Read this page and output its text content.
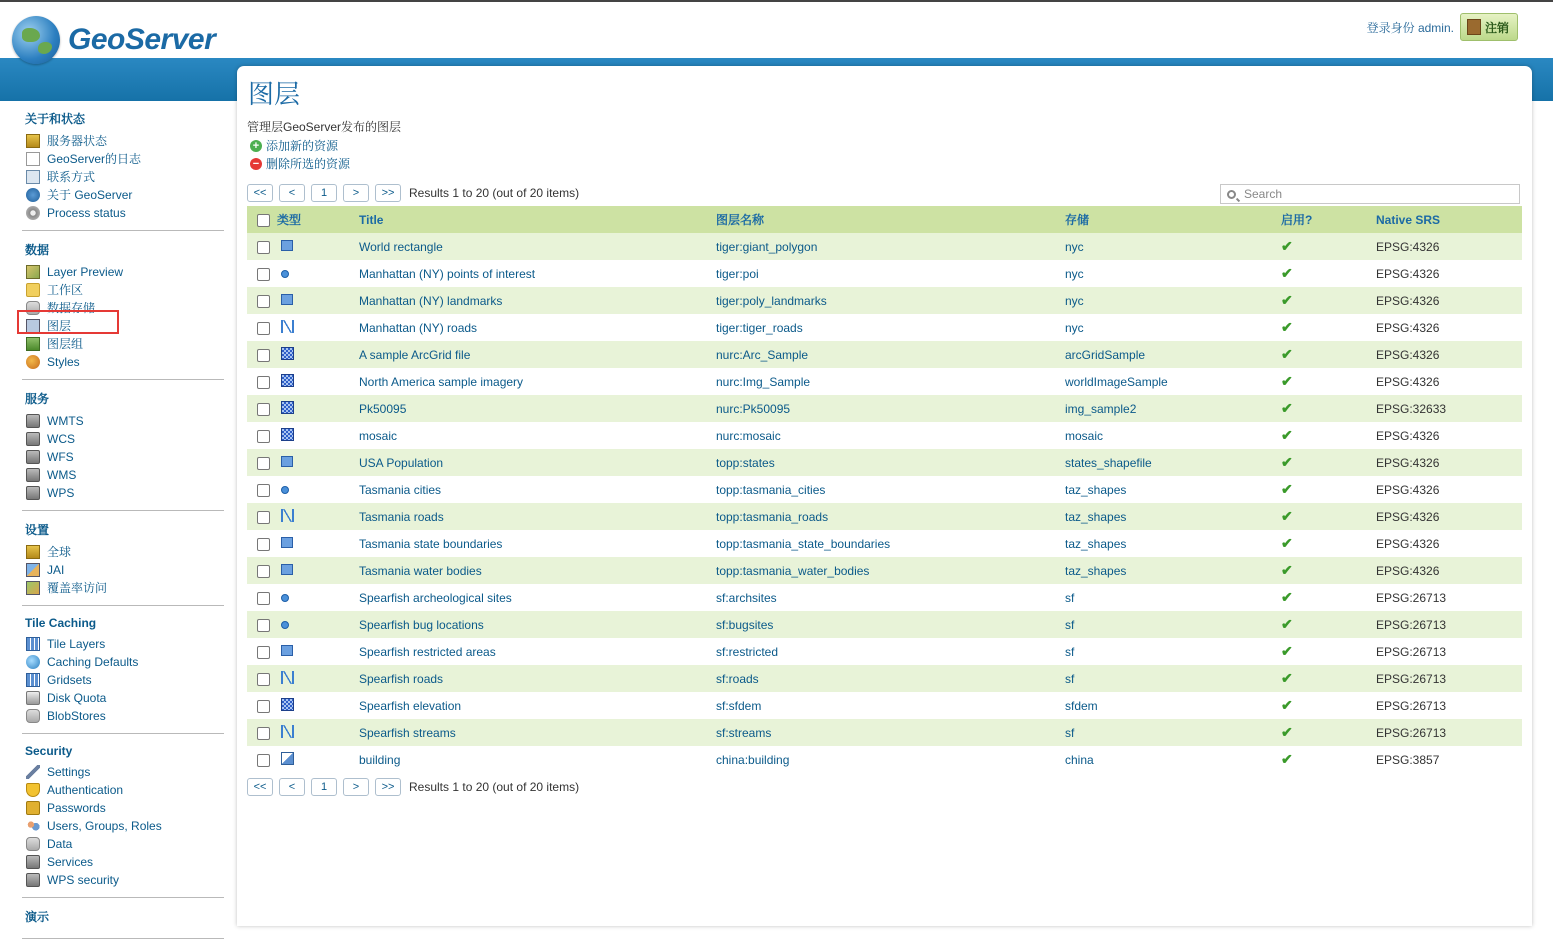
GeoServer	登录身份 admin.	注销
关于和状态
服务器状态
GeoServer的日志
联系方式
关于 GeoServer
Process status
数据
Layer Preview
工作区
数据存储
图层
图层组
Styles
服务
WMTS
WCS
WFS
WMS
WPS
设置
全球
JAI
覆盖率访问
Tile Caching
Tile Layers
Caching Defaults
Gridsets
Disk Quota
BlobStores
Security
Settings
Authentication
Passwords
Users, Groups, Roles
Data
Services
WPS security
演示
图层
管理层GeoServer发布的图层
+ 添加新的资源
− 删除所选的资源
<<	<	1	>	>>	Results 1 to 20 (out of 20 items)
Search
	类型	Title	图层名称	存储	启用?	Native SRS
		World rectangle	tiger:giant_polygon	nyc	✔	EPSG:4326
		Manhattan (NY) points of interest	tiger:poi	nyc	✔	EPSG:4326
		Manhattan (NY) landmarks	tiger:poly_landmarks	nyc	✔	EPSG:4326
		Manhattan (NY) roads	tiger:tiger_roads	nyc	✔	EPSG:4326
		A sample ArcGrid file	nurc:Arc_Sample	arcGridSample	✔	EPSG:4326
		North America sample imagery	nurc:Img_Sample	worldImageSample	✔	EPSG:4326
		Pk50095	nurc:Pk50095	img_sample2	✔	EPSG:32633
		mosaic	nurc:mosaic	mosaic	✔	EPSG:4326
		USA Population	topp:states	states_shapefile	✔	EPSG:4326
		Tasmania cities	topp:tasmania_cities	taz_shapes	✔	EPSG:4326
		Tasmania roads	topp:tasmania_roads	taz_shapes	✔	EPSG:4326
		Tasmania state boundaries	topp:tasmania_state_boundaries	taz_shapes	✔	EPSG:4326
		Tasmania water bodies	topp:tasmania_water_bodies	taz_shapes	✔	EPSG:4326
		Spearfish archeological sites	sf:archsites	sf	✔	EPSG:26713
		Spearfish bug locations	sf:bugsites	sf	✔	EPSG:26713
		Spearfish restricted areas	sf:restricted	sf	✔	EPSG:26713
		Spearfish roads	sf:roads	sf	✔	EPSG:26713
		Spearfish elevation	sf:sfdem	sfdem	✔	EPSG:26713
		Spearfish streams	sf:streams	sf	✔	EPSG:26713
		building	china:building	china	✔	EPSG:3857
<<	<	1	>	>>	Results 1 to 20 (out of 20 items)
